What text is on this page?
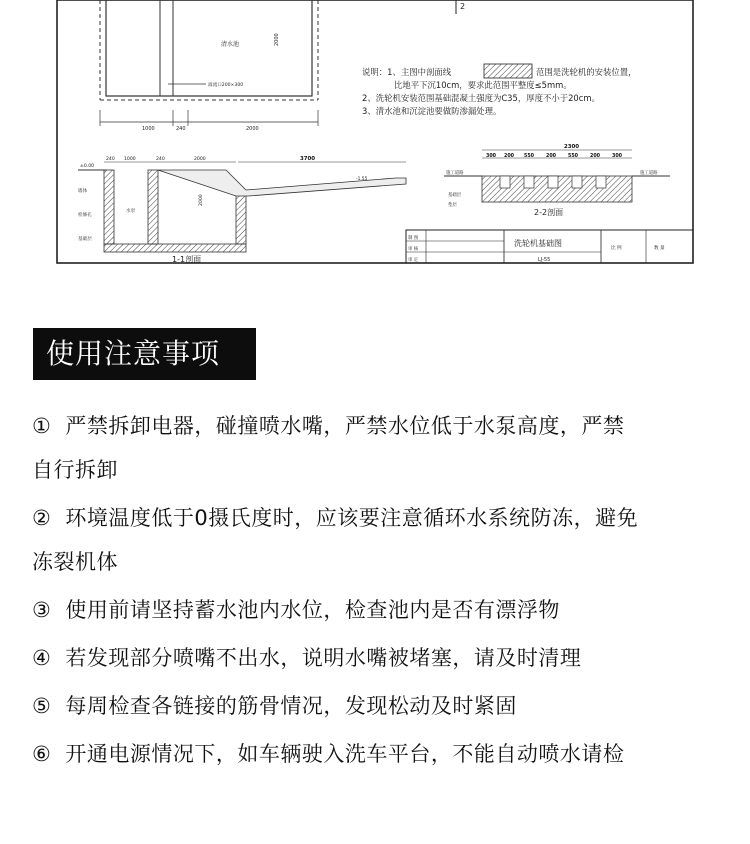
清水池	2000
溢流口200×300
1000	240	2000
2
说明：1、主图中剖面线	范围是洗轮机的安装位置，
比地平下沉10cm，要求此范围平整度≤5mm。
2、洗轮机安装范围基础混凝土强度为C35，厚度不小于20cm。
3、清水池和沉淀池要做防渗漏处理。
±0.00
240 1000	240	2000	3700
-1.55
2000
水泵
墙体
检修孔
基础层
1-1剖面
2300
300 200 550 200 550 200 300
施工道路	施工道路
基础层
垫层
2-2剖面
制 图
审 核
审 定
洗轮机基础图
LJ-55
比 例	数 量
使用注意事项
① 严禁拆卸电器，碰撞喷水嘴，严禁水位低于水泵高度，严禁
自行拆卸
② 环境温度低于0摄氏度时，应该要注意循环水系统防冻，避免
冻裂机体
③ 使用前请坚持蓄水池内水位，检查池内是否有漂浮物
④ 若发现部分喷嘴不出水，说明水嘴被堵塞，请及时清理
⑤ 每周检查各链接的筋骨情况，发现松动及时紧固
⑥ 开通电源情况下，如车辆驶入洗车平台，不能自动喷水请检
